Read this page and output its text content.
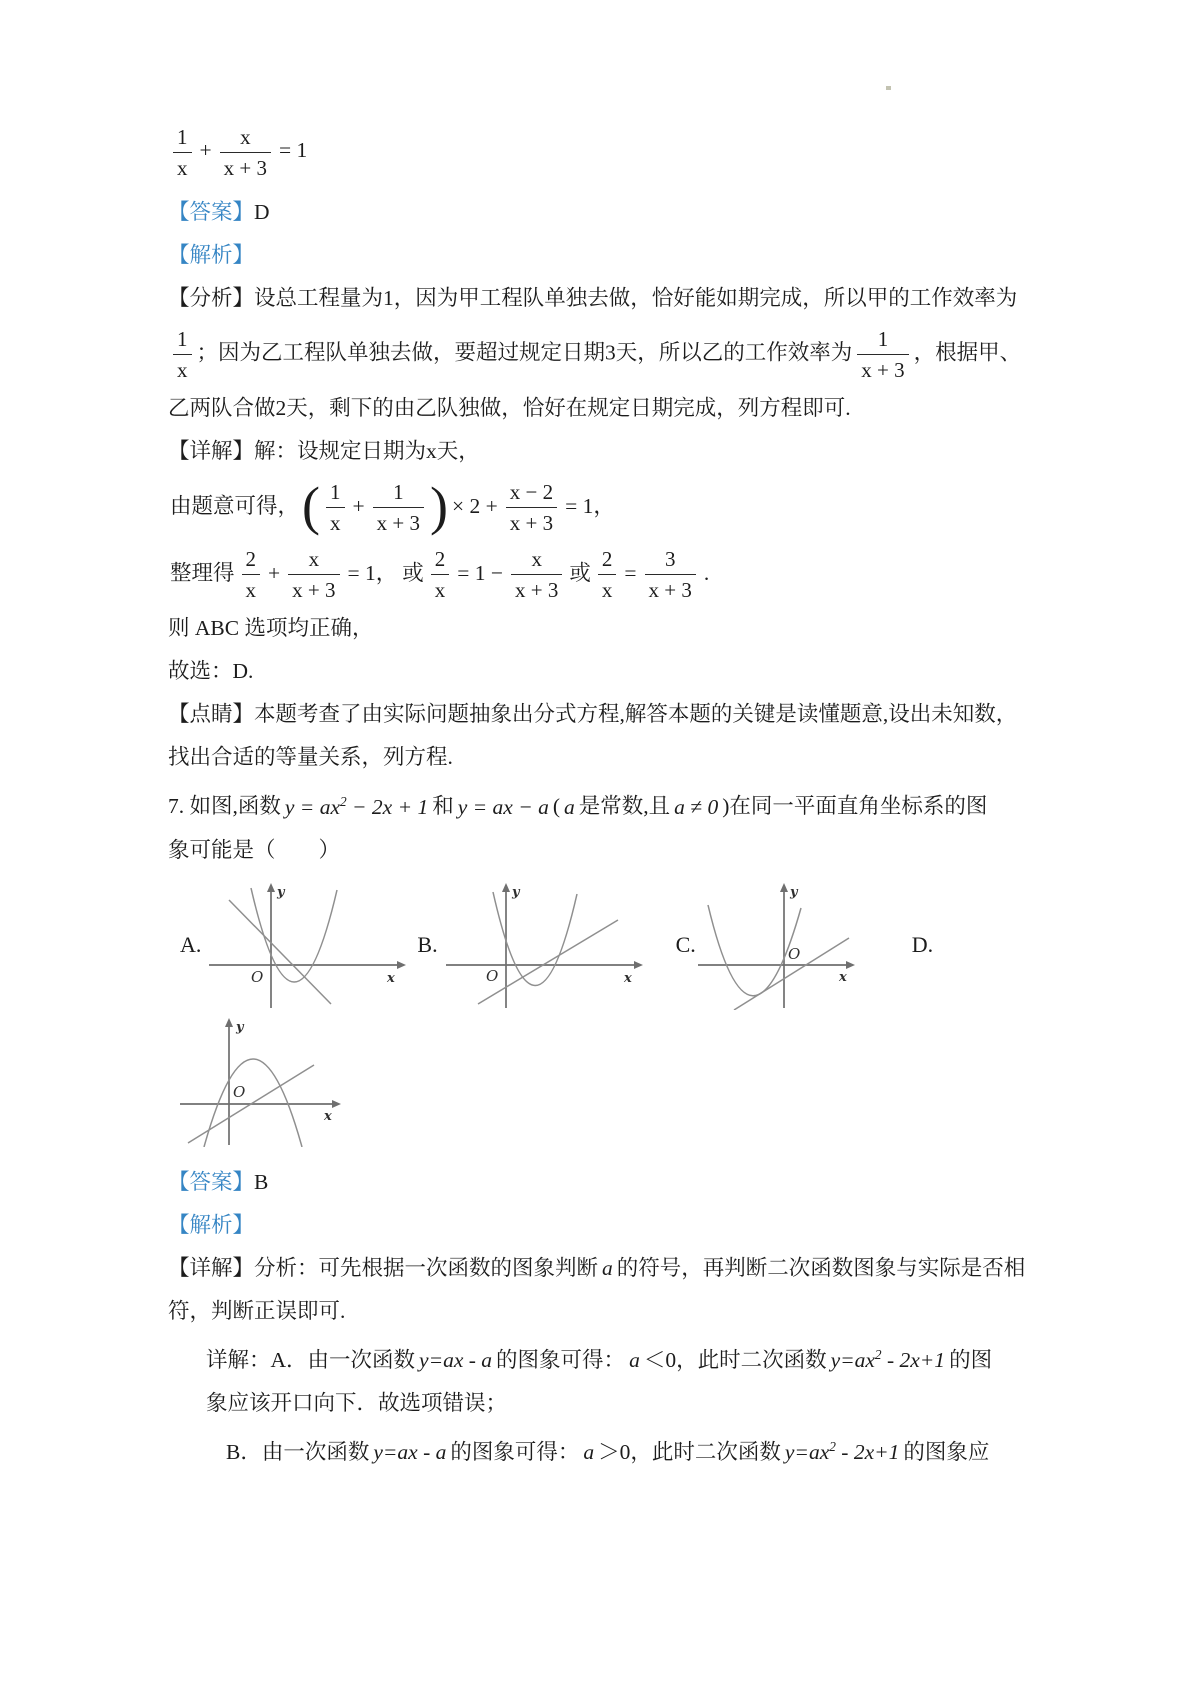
$\frac{1}{x} + \frac{x}{x + 3} = 1$

【答案】D

【解析】

【分析】设总工程量为1，因为甲工程队单独去做，恰好能如期完成，所以甲的工作效率为

$\frac{1}{x}$ ；因为乙工程队单独去做，要超过规定日期3天，所以乙的工作效率为 $\frac{1}{x + 3}$ ，根据甲、

乙两队合做2天，剩下的由乙队独做，恰好在规定日期完成，列方程即可.

【详解】解：设规定日期为x天，

由题意可得，( $\frac{1}{x} + \frac{1}{x + 3}$ ) × $2 + \frac{x - 2}{x + 3} = 1$，

整理得 $\frac{2}{x} + \frac{x}{x + 3} = 1$， 或 $\frac{2}{x} = 1 - \frac{x}{x + 3}$ 或 $\frac{2}{x} = \frac{3}{x + 3}$ .

则 ABC 选项均正确，

故选：D.

【点睛】本题考查了由实际问题抽象出分式方程,解答本题的关键是读懂题意,设出未知数，

找出合适的等量关系，列方程.

7. 如图,函数 $y = ax^2 - 2x + 1$ 和 y = ax − a ( a 是常数,且 a ≠ 0 )在同一平面直角坐标系的图

象可能是（　　）

A.
y
x
O
B.
y
x
O
C.
y
x
O	D.
y
x
O

【答案】B

【解析】

【详解】分析：可先根据一次函数的图象判断 a 的符号，再判断二次函数图象与实际是否相

符，判断正误即可.

详解：A．由一次函数 y=ax - a 的图象可得： a ＜0，此时二次函数 $y=ax^2 - 2x+1$ 的图

象应该开口向下．故选项错误；

B．由一次函数 y=ax - a 的图象可得： a ＞0，此时二次函数 $y=ax^2 - 2x+1$ 的图象应
